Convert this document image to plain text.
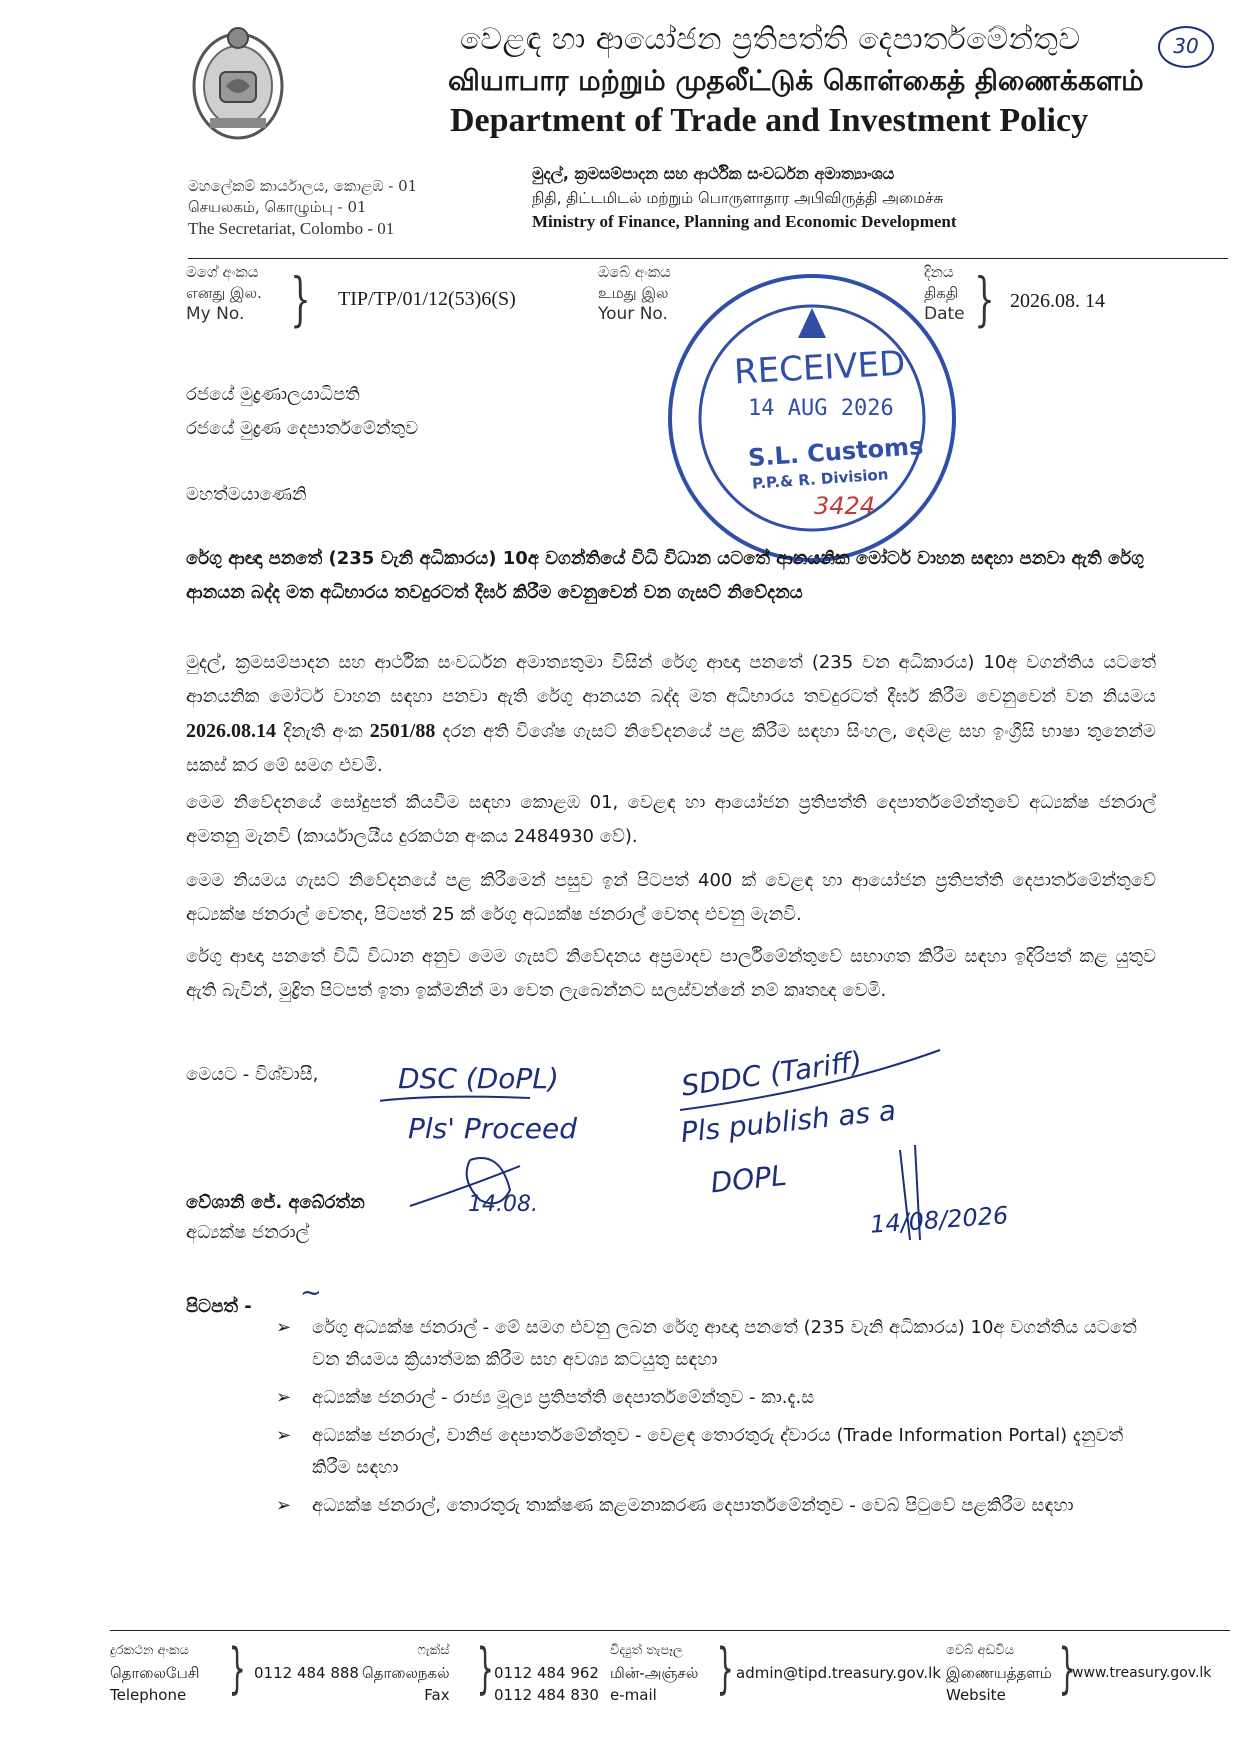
වෙළඳ හා ආයෝජන ප්‍රතිපත්ති දෙපාර්තමේන්තුව	30
வியாபார மற்றும் முதலீட்டுக் கொள்கைத் திணைக்களம்
Department of Trade and Investment Policy
මහලේකම් කාර්යාලය, කොළඹ - 01
செயலகம், கொழும்பு - 01
The Secretariat, Colombo - 01
මුදල්, ක්‍රමසම්පාදන සහ ආර්ථික සංවර්ධන අමාත්‍යාංශය
நிதி, திட்டமிடல் மற்றும் பொருளாதார அபிவிருத்தி அமைச்சு
Ministry of Finance, Planning and Economic Development
මගේ අංකය
எனது இல.
My No. } TIP/TP/01/12(53)6(S)
ඔබේ අංකය
உமது இல
Your No.
දිනය
திகதி
Date } 2026.08. 14
RECEIVED
14 AUG 2026
S.L. Customs
P.P.& R. Division
3424
රජයේ මුද්‍රණාලයාධිපති
රජයේ මුද්‍රණ දෙපාර්තමේන්තුව
මහත්මයාණෙනි
රේගු ආඥා පනතේ (235 වැනි අධිකාරය) 10අ වගන්තියේ විධි විධාන යටතේ ආනයනික මෝටර් වාහන සඳහා පනවා ඇති රේගු ආනයන බද්ද මත අධිභාරය තවදුරටත් දීර්ඝ කිරීම වෙනුවෙන් වන ගැසට් නිවේදනය
මුදල්, ක්‍රමසම්පාදන සහ ආර්ථික සංවර්ධන අමාත්‍යතුමා විසින් රේගු ආඥා පනතේ (235 වන අධිකාරය) 10අ වගන්තිය යටතේ ආනයනික මෝටර් වාහන සඳහා පනවා ඇති රේගු ආනයන බද්ද මත අධිභාරය තවදුරටත් දීර්ඝ කිරීම වෙනුවෙන් වන නියමය 2026.08.14 දිනැති අංක 2501/88 දරන අති විශේෂ ගැසට් නිවේදනයේ පළ කිරීම සඳහා සිංහල, දෙමළ සහ ඉංග්‍රීසි භාෂා තුනෙන්ම සකස් කර මේ සමග එවමි.
මෙම නිවේදනයේ සෝදුපත් කියවීම සඳහා කොළඹ 01, වෙළඳ හා ආයෝජන ප්‍රතිපත්ති දෙපාර්තමේන්තුවේ අධ්‍යක්ෂ ජනරාල් අමතනු මැනවි (කාර්යාලයීය දුරකථන අංකය 2484930 වේ).
මෙම නියමය ගැසට් නිවේදනයේ පළ කිරීමෙන් පසුව ඉන් පිටපත් 400 ක් වෙළඳ හා ආයෝජන ප්‍රතිපත්ති දෙපාර්තමේන්තුවේ අධ්‍යක්ෂ ජනරාල් වෙතද, පිටපත් 25 ක් රේගු අධ්‍යක්ෂ ජනරාල් වෙතද එවනු මැනවි.
රේගු ආඥා පනතේ විධි විධාන අනුව මෙම ගැසට් නිවේදනය අප්‍රමාදව පාර්ලිමේන්තුවේ සභාගත කිරීම සඳහා ඉදිරිපත් කළ යුතුව ඇති බැවින්, මුද්‍රිත පිටපත් ඉතා ඉක්මනින් මා වෙත ලැබෙන්නට සලස්වන්නේ නම් කෘතඥ වෙමි.
මෙයට - විශ්වාසී,	DSC (DoPL)
Pls' Proceed
14.08.
SDDC (Tariff)
Pls publish as a
DOPL
14/08/2026
වේශානි ජේ. අබේරත්න
අධ්‍යක්ෂ ජනරාල්
පිටපත් - ~
➢ රේගු අධ්‍යක්ෂ ජනරාල් - මේ සමග එවනු ලබන රේගු ආඥා පනතේ (235 වැනි අධිකාරය) 10අ වගන්තිය යටතේ වන නියමය ක්‍රියාත්මක කිරීම සහ අවශ්‍ය කටයුතු සඳහා
➢ අධ්‍යක්ෂ ජනරාල් - රාජ්‍ය මූල්‍ය ප්‍රතිපත්ති දෙපාර්තමේන්තුව - කා.දැ.ස
➢ අධ්‍යක්ෂ ජනරාල්, වානිජ දෙපාර්තමේන්තුව - වෙළඳ තොරතුරු ද්වාරය (Trade Information Portal) දැනුවත් කිරීම සඳහා
➢ අධ්‍යක්ෂ ජනරාල්, තොරතුරු තාක්ෂණ කළමනාකරණ දෙපාර්තමේන්තුව - වෙබ් පිටුවේ පළකිරීම සඳහා
දුරකථන අංකය
தொலைபேசி
Telephone } 0112 484 888
ෆැක්ස්
தொலைநகல்
Fax } 0112 484 962
0112 484 830
විද්‍යුත් තැපෑල
மின்-அஞ்சல்
e-mail	} admin@tipd.treasury.gov.lk
වෙබ් අඩවිය
இணையத்தளம்
Website }
www.treasury.gov.lk
